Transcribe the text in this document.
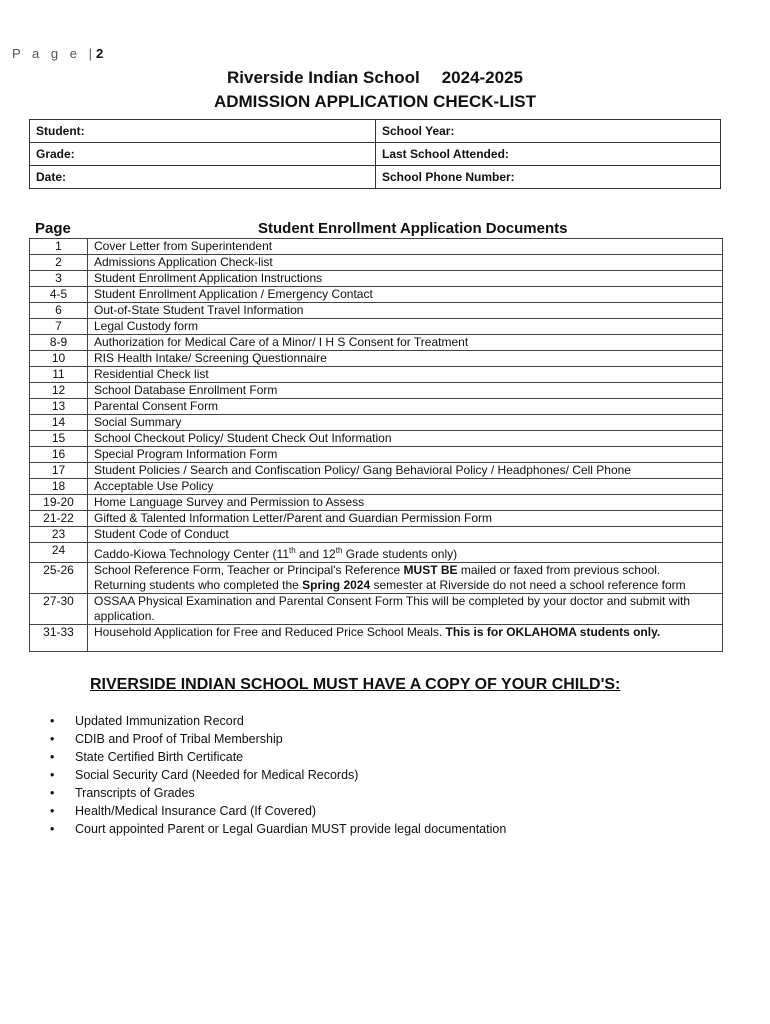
P a g e |2
Riverside Indian School 2024-2025
ADMISSION APPLICATION CHECK-LIST
Student:	School Year:
Grade:	Last School Attended:
Date:	School Phone Number:
Page	Student Enrollment Application Documents
1	Cover Letter from Superintendent
2	Admissions Application Check-list
3	Student Enrollment Application Instructions
4-5	Student Enrollment Application / Emergency Contact
6	Out-of-State Student Travel Information
7	Legal Custody form
8-9	Authorization for Medical Care of a Minor/ I H S Consent for Treatment
10	RIS Health Intake/ Screening Questionnaire
11	Residential Check list
12	School Database Enrollment Form
13	Parental Consent Form
14	Social Summary
15	School Checkout Policy/ Student Check Out Information
16	Special Program Information Form
17	Student Policies / Search and Confiscation Policy/ Gang Behavioral Policy / Headphones/ Cell Phone
18	Acceptable Use Policy
19-20	Home Language Survey and Permission to Assess
21-22	Gifted & Talented Information Letter/Parent and Guardian Permission Form
23	Student Code of Conduct
24	Caddo-Kiowa Technology Center (11th and 12th Grade students only)
25-26	School Reference Form, Teacher or Principal's Reference MUST BE mailed or faxed from previous school.
Returning students who completed the Spring 2024 semester at Riverside do not need a school reference form
27-30	OSSAA Physical Examination and Parental Consent Form This will be completed by your doctor and submit with application.
31-33	Household Application for Free and Reduced Price School Meals. This is for OKLAHOMA students only.
RIVERSIDE INDIAN SCHOOL MUST HAVE A COPY OF YOUR CHILD'S:
• Updated Immunization Record
• CDIB and Proof of Tribal Membership
• State Certified Birth Certificate
• Social Security Card (Needed for Medical Records)
• Transcripts of Grades
• Health/Medical Insurance Card (If Covered)
• Court appointed Parent or Legal Guardian MUST provide legal documentation
